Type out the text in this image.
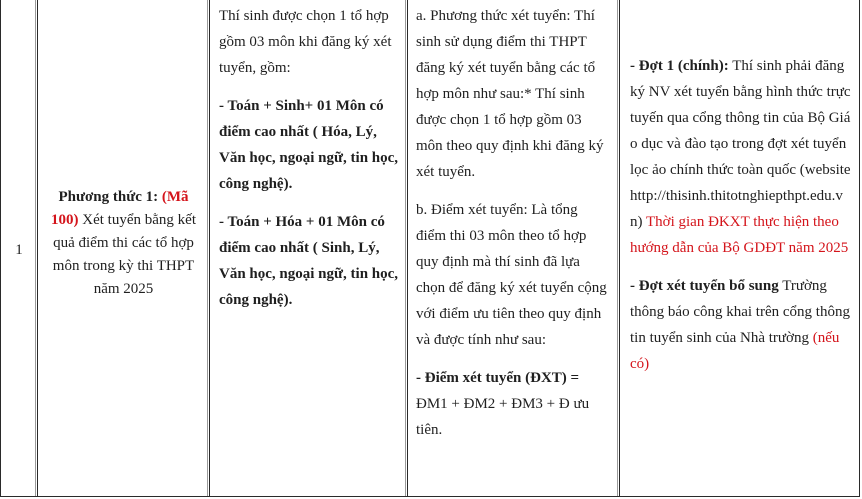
1
Phương thức 1: (Mã 100) Xét tuyển bằng kết quả điểm thi các tổ hợp môn trong kỳ thi THPT năm 2025

Thí sinh được chọn 1 tổ hợp gồm 03 môn khi đăng ký xét tuyển, gồm:

- Toán + Sinh+ 01 Môn có điểm cao nhất ( Hóa, Lý, Văn học, ngoại ngữ, tin học, công nghệ).

- Toán + Hóa + 01 Môn có điểm cao nhất ( Sinh, Lý, Văn học, ngoại ngữ, tin học, công nghệ).

a. Phương thức xét tuyển: Thí sinh sử dụng điểm thi THPT đăng ký xét tuyển bằng các tổ hợp môn như sau:* Thí sinh được chọn 1 tổ hợp gồm 03 môn theo quy định khi đăng ký xét tuyển.

b. Điểm xét tuyển: Là tổng điểm thi 03 môn theo tổ hợp quy định mà thí sinh đã lựa chọn để đăng ký xét tuyển cộng với điểm ưu tiên theo quy định và được tính như sau:

- Điểm xét tuyển (ĐXT) =
ĐM1 + ĐM2 + ĐM3 + Đ ưu tiên.

- Đợt 1 (chính): Thí sinh phải đăng ký NV xét tuyển bằng hình thức trực tuyến qua cổng thông tin của Bộ Giáo dục và đào tạo trong đợt xét tuyển lọc ảo chính thức toàn quốc (website http://thisinh.thitotnghiepthpt.edu.vn) Thời gian ĐKXT thực hiện theo hướng dẫn của Bộ GDĐT năm 2025

- Đợt xét tuyển bổ sung Trường thông báo công khai trên cổng thông tin tuyển sinh của Nhà trường (nếu có)
